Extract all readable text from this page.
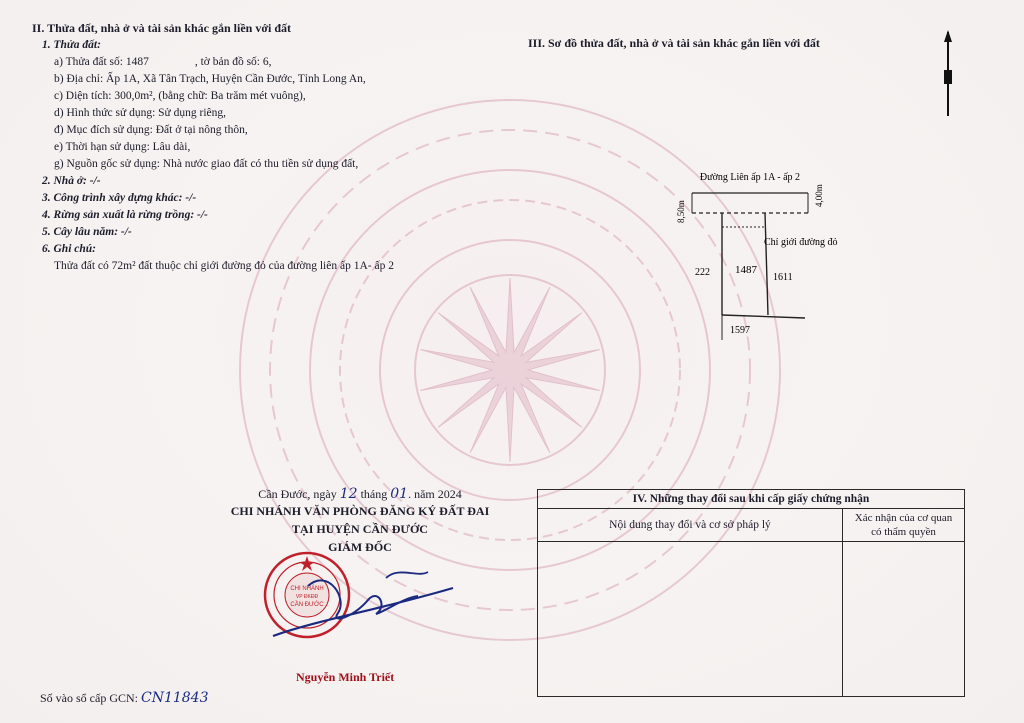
II. Thửa đất, nhà ở và tài sản khác gắn liền với đất
1. Thửa đất:
a) Thửa đất số: 1487	, tờ bản đồ số: 6,
b) Địa chỉ: Ấp 1A, Xã Tân Trạch, Huyện Cần Đước, Tỉnh Long An,
c) Diện tích: 300,0m², (bằng chữ: Ba trăm mét vuông),
d) Hình thức sử dụng: Sử dụng riêng,
đ) Mục đích sử dụng: Đất ở tại nông thôn,
e) Thời hạn sử dụng: Lâu dài,
g) Nguồn gốc sử dụng: Nhà nước giao đất có thu tiền sử dụng đất,
2. Nhà ở: -/-
3. Công trình xây dựng khác: -/-
4. Rừng sản xuất là rừng trồng: -/-
5. Cây lâu năm: -/-
6. Ghi chú:
Thửa đất có 72m² đất thuộc chỉ giới đường đỏ của đường liên ấp 1A- ấp 2
III. Sơ đồ thửa đất, nhà ở và tài sản khác gắn liền với đất
Đường Liên ấp 1A - ấp 2
4,00m
8,50m
Chỉ giới đường đỏ
1487
222	1611
1597
Cần Đước, ngày 12 tháng 01. năm 2024
CHI NHÁNH VĂN PHÒNG ĐĂNG KÝ ĐẤT ĐAI
TẠI HUYỆN CẦN ĐƯỚC
GIÁM ĐỐC
CHI NHÁNH
VP ĐKĐĐ
CẦN ĐƯỚC
Nguyễn Minh Triết
Số vào sổ cấp GCN: CN11843
IV. Những thay đổi sau khi cấp giấy chứng nhận
Nội dung thay đổi và cơ sở pháp lý
Xác nhận của cơ quan
có thẩm quyền
